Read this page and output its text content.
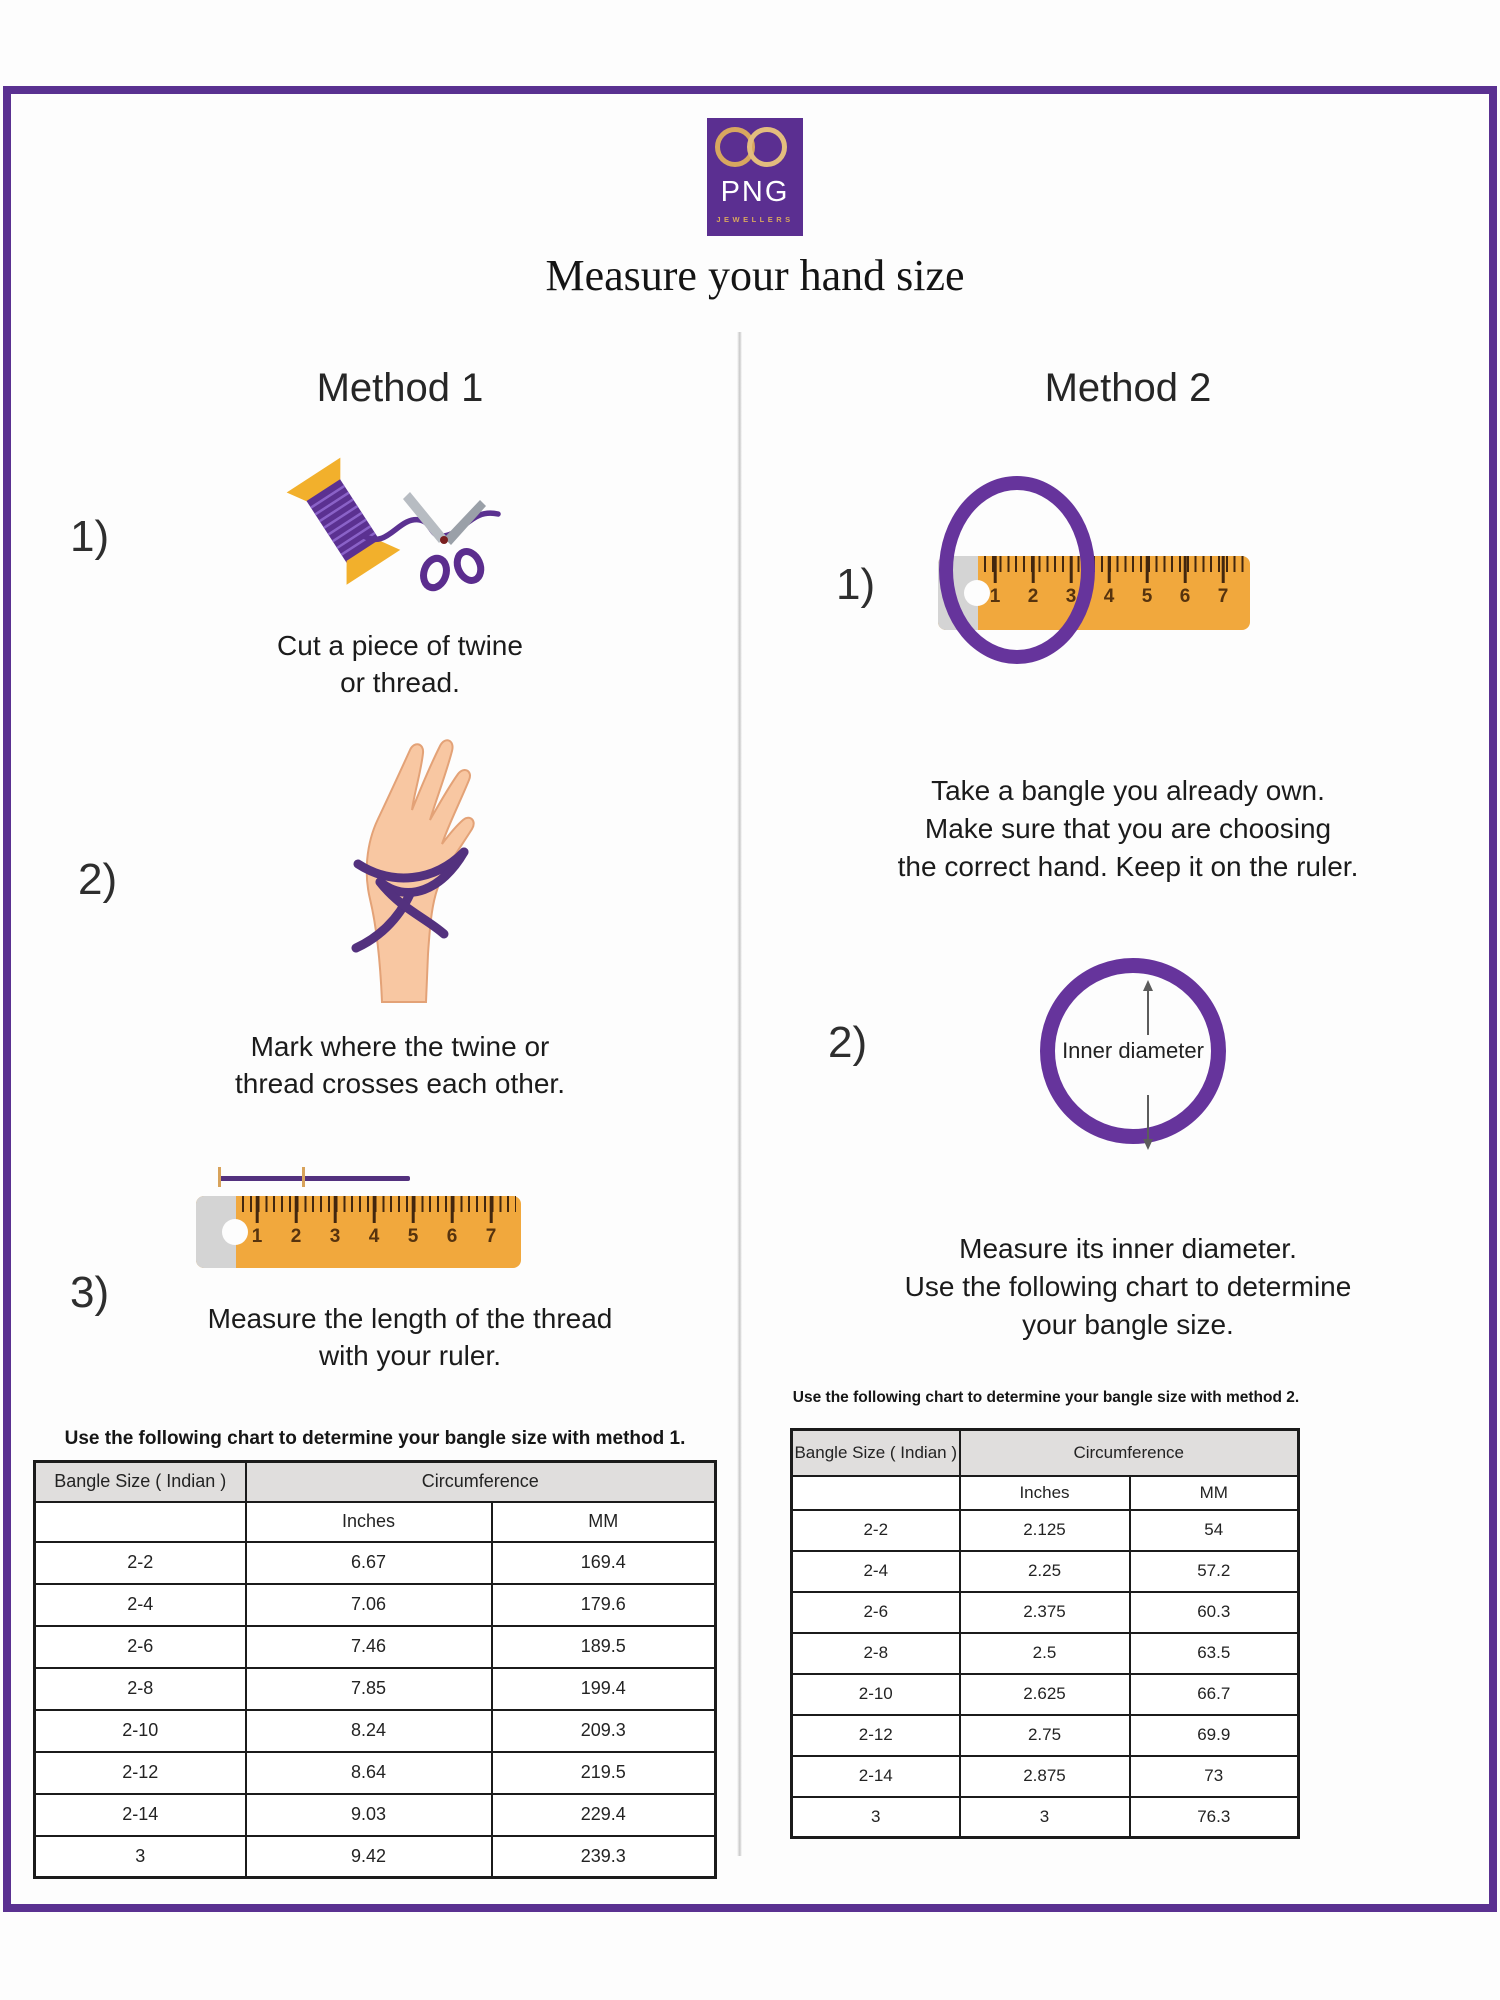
PNG
JEWELLERS
Measure your hand size
Method 1
1)
Cut a piece of twine
or thread.
2)
Mark where the twine or
thread crosses each other.
1 2 3 4 5 6 7
3)
Measure the length of the thread
with your ruler.
Use the following chart to determine your bangle size with method 1.
Bangle Size ( Indian )	Circumference	
	Inches	MM
2-2	6.67	169.4
2-4	7.06	179.6
2-6	7.46	189.5
2-8	7.85	199.4
2-10	8.24	209.3
2-12	8.64	219.5
2-14	9.03	229.4
3	9.42	239.3
Method 2
1)	1 2 3 4 5 6 7
Take a bangle you already own.
Make sure that you are choosing
the correct hand. Keep it on the ruler.
2)	Inner diameter
Measure its inner diameter.
Use the following chart to determine
your bangle size.
Use the following chart to determine your bangle size with method 2.
Bangle Size ( Indian )	Circumference	
	Inches	MM
2-2	2.125	54
2-4	2.25	57.2
2-6	2.375	60.3
2-8	2.5	63.5
2-10	2.625	66.7
2-12	2.75	69.9
2-14	2.875	73
3	3	76.3
